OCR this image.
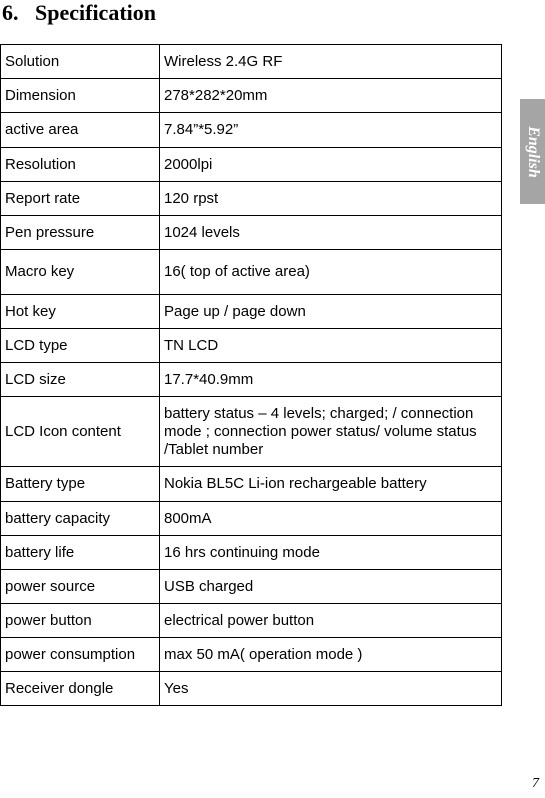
6. Specification
Solution	Wireless 2.4G RF
Dimension	278*282*20mm
active area	7.84”*5.92”
Resolution	2000lpi
Report rate	120 rpst
Pen pressure	1024 levels
Macro key	16( top of active area)
Hot key	Page up / page down
LCD type	TN LCD
LCD size	17.7*40.9mm
LCD Icon content	battery status – 4 levels; charged; / connection mode ; connection power status/ volume status /Tablet number
Battery type	Nokia BL5C Li-ion rechargeable battery
battery capacity	800mA
battery life	16 hrs continuing mode
power source	USB charged
power button	electrical power button
power consumption	max 50 mA( operation mode )
Receiver dongle	Yes
English
7
